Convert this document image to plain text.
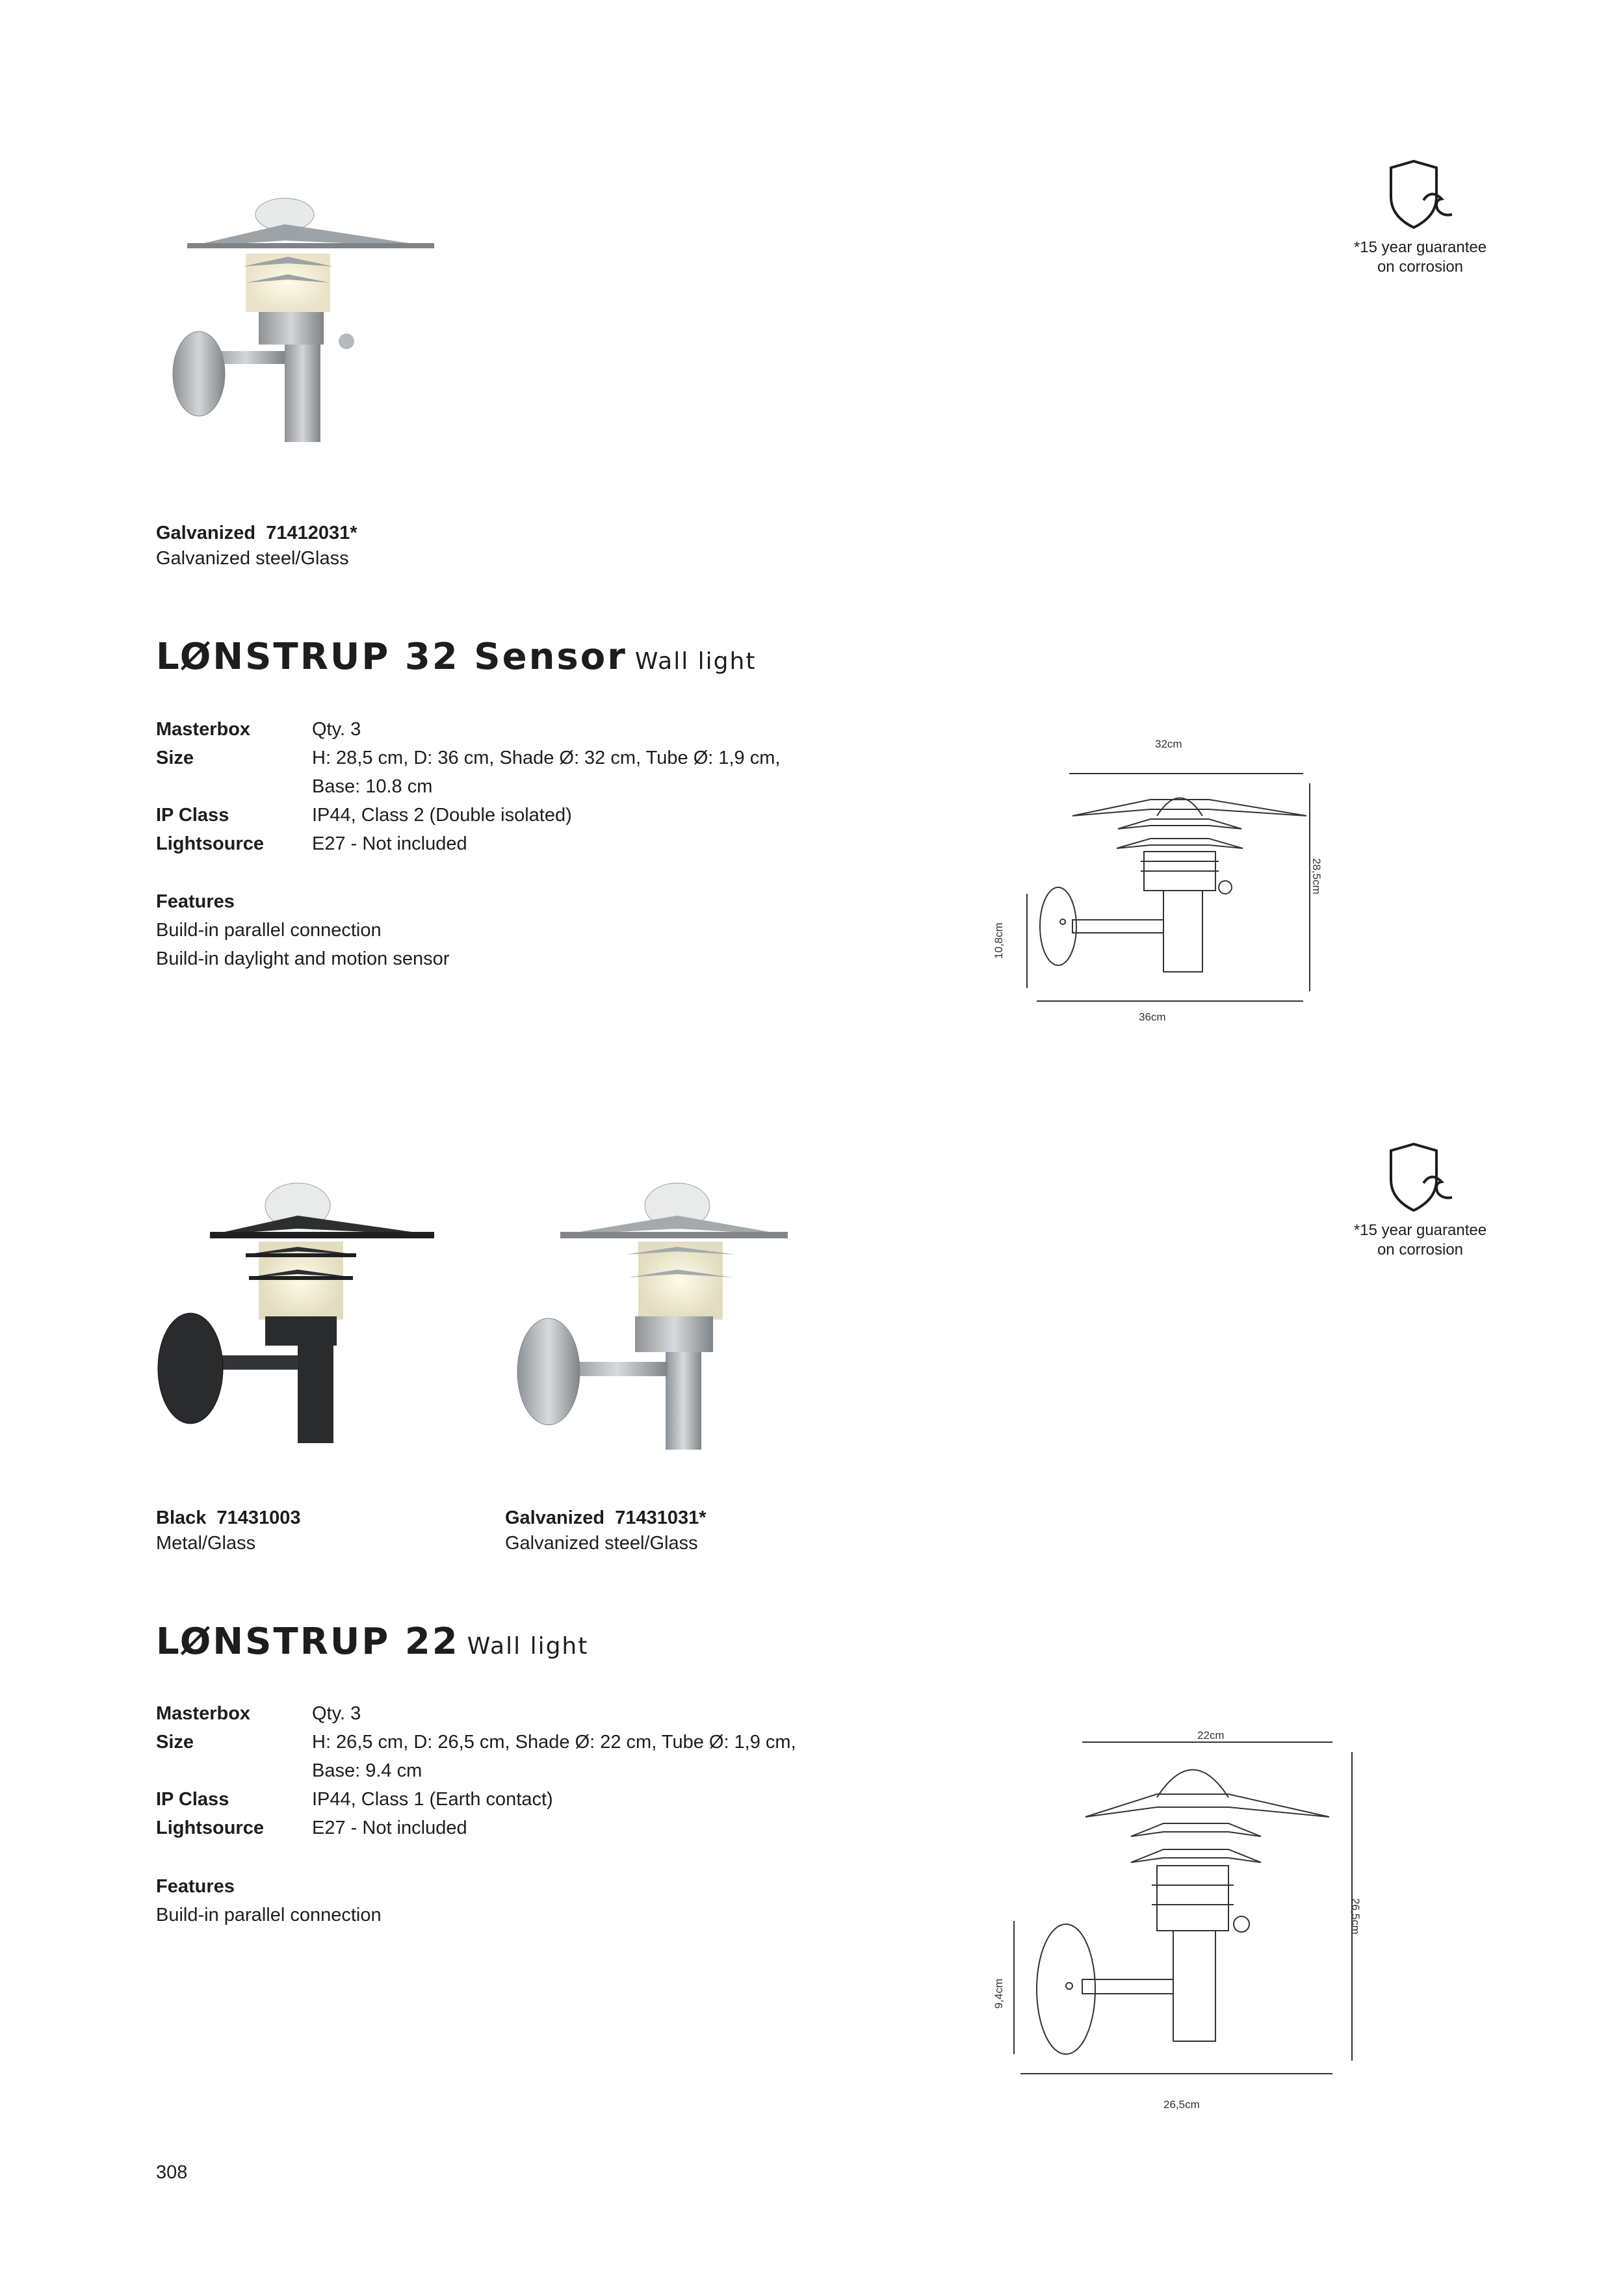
*15 year guarantee
on corrosion
Galvanized  71412031*
Galvanized steel/Glass
LØNSTRUP 32 Sensor Wall light
Masterbox	Qty. 3
Size	H: 28,5 cm, D: 36 cm, Shade Ø: 32 cm, Tube Ø: 1,9 cm,
Base: 10.8 cm
IP Class	IP44, Class 2 (Double isolated)
Lightsource	E27 - Not included
Features
Build-in parallel connection
Build-in daylight and motion sensor
32cm
28,5cm
10,8cm
36cm
*15 year guarantee
on corrosion
Black  71431003
Metal/Glass
Galvanized  71431031*
Galvanized steel/Glass
LØNSTRUP 22 Wall light
Masterbox	Qty. 3
Size	H: 26,5 cm, D: 26,5 cm, Shade Ø: 22 cm, Tube Ø: 1,9 cm,
Base: 9.4 cm
IP Class	IP44, Class 1 (Earth contact)
Lightsource	E27 - Not included
Features
Build-in parallel connection
22cm
26,5cm
9,4cm
26,5cm
308
